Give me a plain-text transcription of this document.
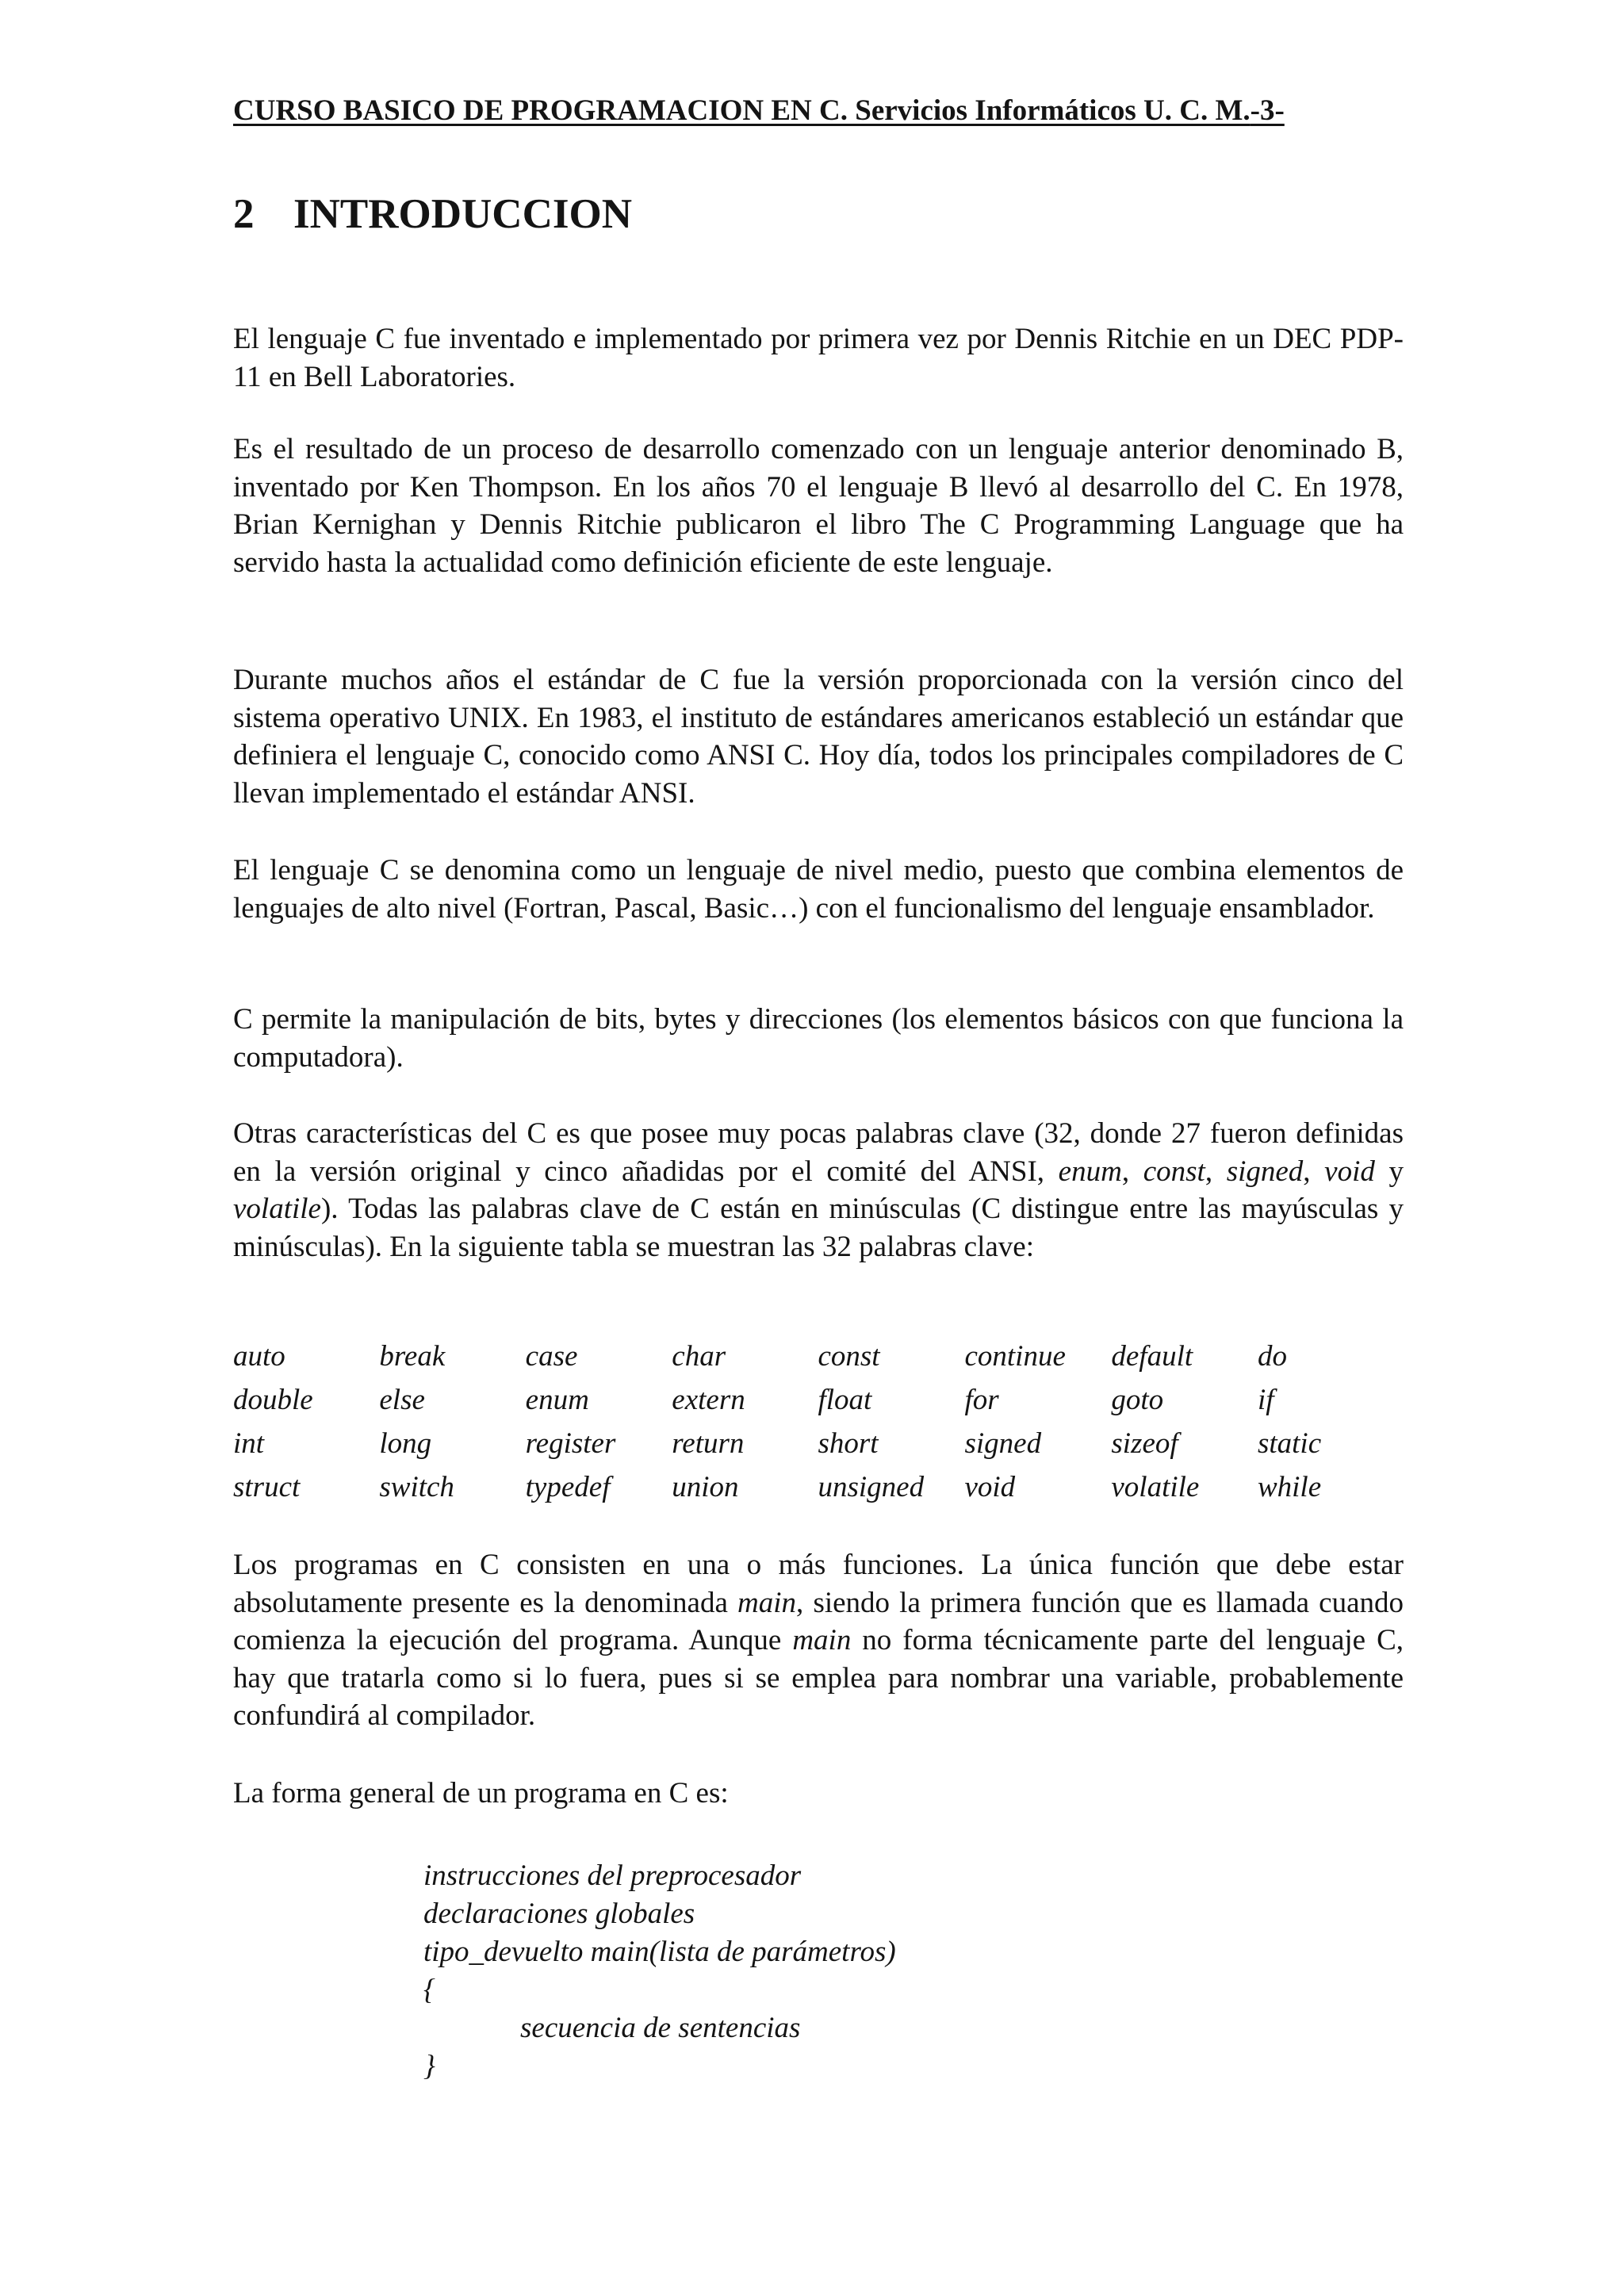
CURSO BASICO DE PROGRAMACION EN C. Servicios Informáticos U. C. M.-3-
2 INTRODUCCION

El lenguaje C fue inventado e implementado por primera vez por Dennis Ritchie en un DEC PDP-11 en Bell Laboratories.

Es el resultado de un proceso de desarrollo comenzado con un lenguaje anterior denominado B, inventado por Ken Thompson. En los años 70 el lenguaje B llevó al desarrollo del C. En 1978, Brian Kernighan y Dennis Ritchie publicaron el libro The C Programming Language que ha servido hasta la actualidad como definición eficiente de este lenguaje.

Durante muchos años el estándar de C fue la versión proporcionada con la versión cinco del sistema operativo UNIX. En 1983, el instituto de estándares americanos estableció un estándar que definiera el lenguaje C, conocido como ANSI C. Hoy día, todos los principales compiladores de C llevan implementado el estándar ANSI.

El lenguaje C se denomina como un lenguaje de nivel medio, puesto que combina elementos de lenguajes de alto nivel (Fortran, Pascal, Basic…) con el funcionalismo del lenguaje ensamblador.

C permite la manipulación de bits, bytes y direcciones (los elementos básicos con que funciona la computadora).

Otras características del C es que posee muy pocas palabras clave (32, donde 27 fueron definidas en la versión original y cinco añadidas por el comité del ANSI, enum, const, signed, void y volatile). Todas las palabras clave de C están en minúsculas (C distingue entre las mayúsculas y minúsculas). En la siguiente tabla se muestran las 32 palabras clave:

auto	break	case	char	const	continue	default	do
double	else	enum	extern	float	for	goto	if
int	long	register	return	short	signed	sizeof	static
struct	switch	typedef	union	unsigned	void	volatile	while

Los programas en C consisten en una o más funciones. La única función que debe estar absolutamente presente es la denominada main, siendo la primera función que es llamada cuando comienza la ejecución del programa. Aunque main no forma técnicamente parte del lenguaje C, hay que tratarla como si lo fuera, pues si se emplea para nombrar una variable, probablemente confundirá al compilador.

La forma general de un programa en C es:

instrucciones del preprocesador
declaraciones globales
tipo_devuelto main(lista de parámetros)
{
secuencia de sentencias
}
